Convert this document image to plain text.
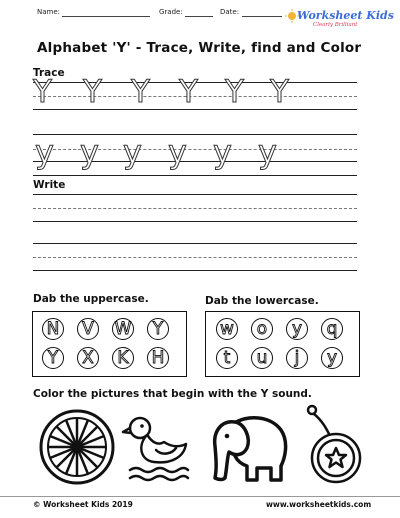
Name:	Grade:	Date:	Worksheet Kids
Clearly Brilliant
Alphabet 'Y' - Trace, Write, find and Color
Trace
Y Y Y Y Y Y
y y y y y y
Write
Dab the uppercase.
N	V	W	Y
Y	X	K	H
Dab the lowercase.
w	o	y	q
t	u	j	y
Color the pictures that begin with the Y sound.
© Worksheet Kids 2019	www.worksheetkids.com
